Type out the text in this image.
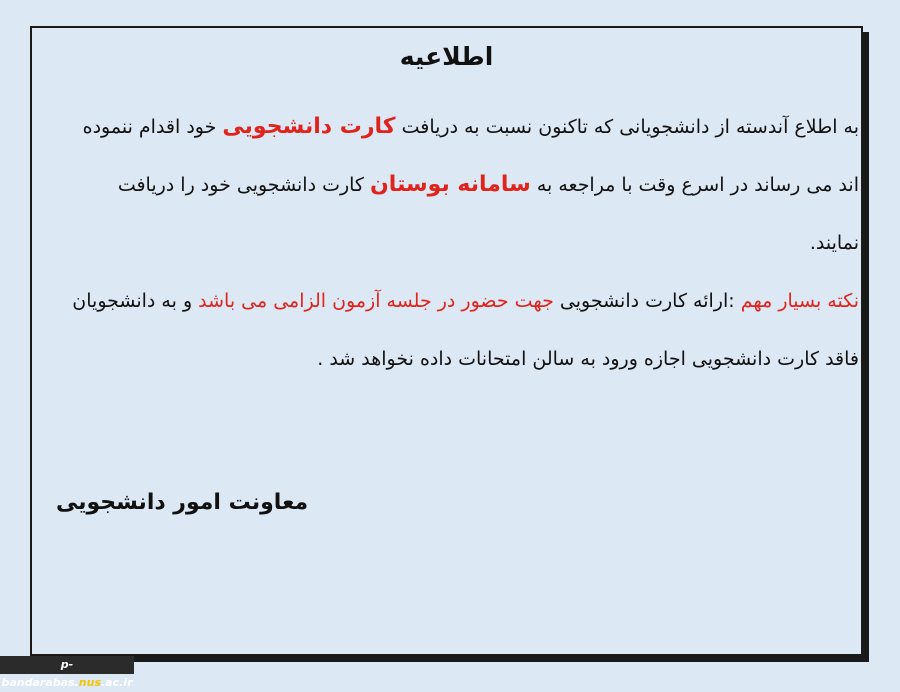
اطلاعیه

به اطلاع آندسته از دانشجویانی که تاکنون نسبت به دریافت کارت دانشجویی خود اقدام ننموده اند می رساند در اسرع وقت با مراجعه به سامانه بوستان کارت دانشجویی خود را دریافت نمایند.

نکته بسیار مهم :ارائه کارت دانشجویی جهت حضور در جلسه آزمون الزامی می باشد و به دانشجویان فاقد کارت دانشجویی اجازه ورود به سالن امتحانات داده نخواهد شد .

معاونت امور دانشجویی
p-bandarabas.nus.ac.ir
